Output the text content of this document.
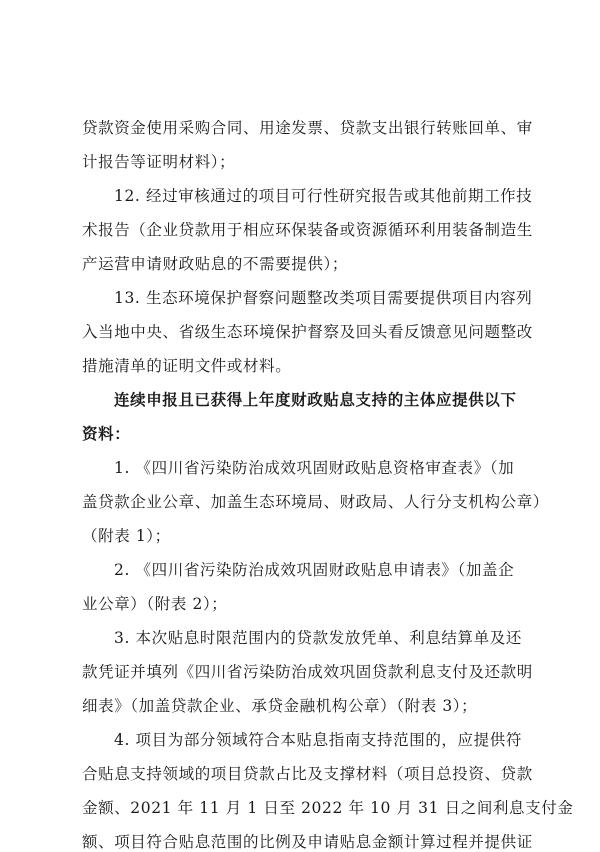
贷款资金使用采购合同、用途发票、贷款支出银行转账回单、审
计报告等证明材料）；
12. 经过审核通过的项目可行性研究报告或其他前期工作技
术报告（企业贷款用于相应环保装备或资源循环利用装备制造生
产运营申请财政贴息的不需要提供）；
13. 生态环境保护督察问题整改类项目需要提供项目内容列
入当地中央、省级生态环境保护督察及回头看反馈意见问题整改
措施清单的证明文件或材料。
连续申报且已获得上年度财政贴息支持的主体应提供以下
资料：
1. 《四川省污染防治成效巩固财政贴息资格审查表》（加
盖贷款企业公章、加盖生态环境局、财政局、人行分支机构公章）
（附表 1）；
2. 《四川省污染防治成效巩固财政贴息申请表》（加盖企
业公章）（附表 2）；
3. 本次贴息时限范围内的贷款发放凭单、利息结算单及还
款凭证并填列《四川省污染防治成效巩固贷款利息支付及还款明
细表》（加盖贷款企业、承贷金融机构公章）（附表 3）；
4. 项目为部分领域符合本贴息指南支持范围的，应提供符
合贴息支持领域的项目贷款占比及支撑材料（项目总投资、贷款
金额、2021 年 11 月 1 日至 2022 年 10 月 31 日之间利息支付金
额、项目符合贴息范围的比例及申请贴息金额计算过程并提供证
